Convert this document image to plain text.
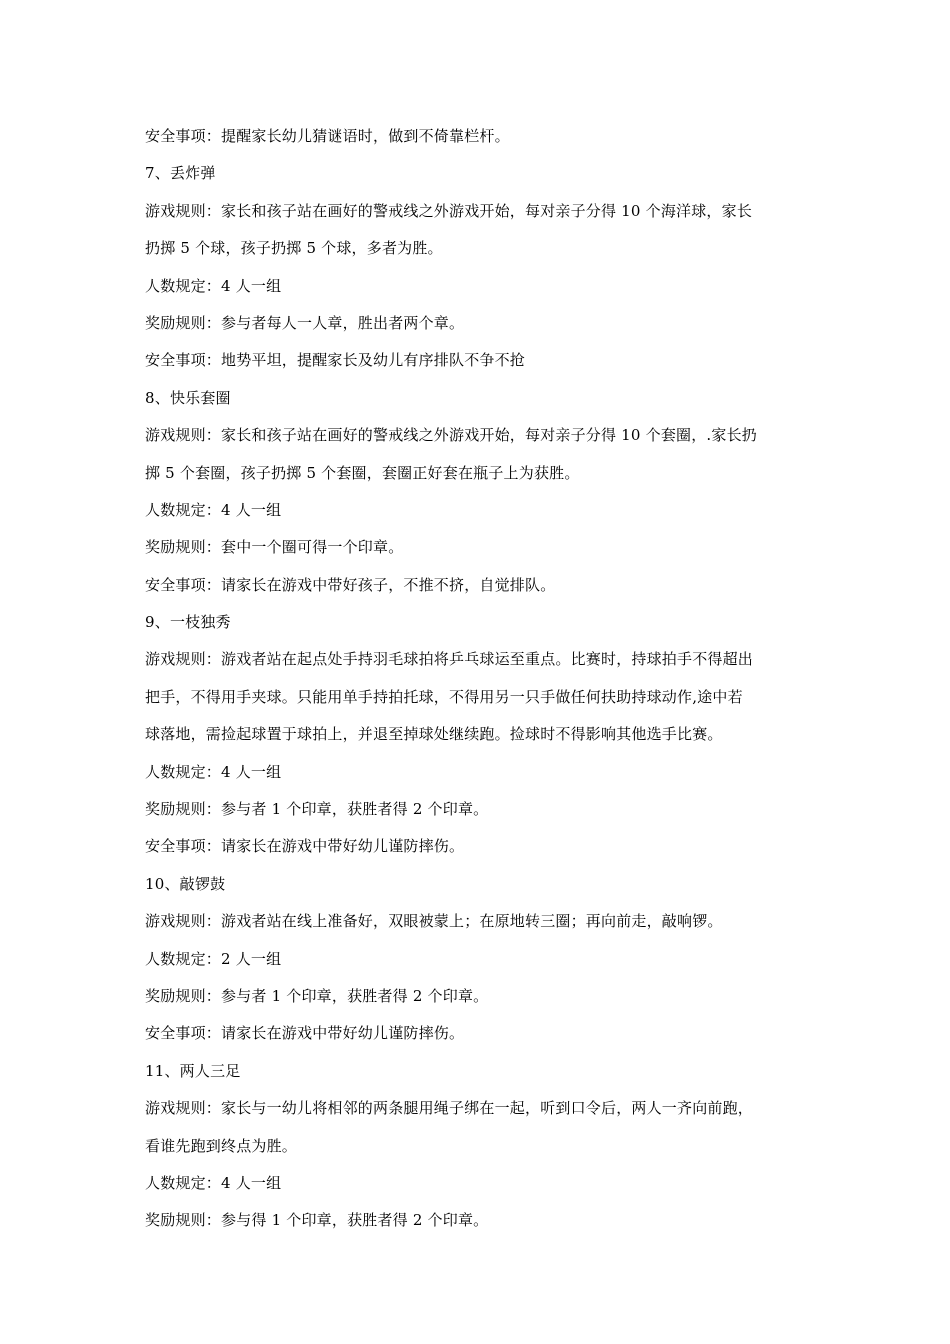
安全事项：提醒家长幼儿猜谜语时，做到不倚靠栏杆。
7、丢炸弹
游戏规则：家长和孩子站在画好的警戒线之外游戏开始，每对亲子分得 10 个海洋球，家长
扔掷 5 个球，孩子扔掷 5 个球，多者为胜。
人数规定：4 人一组
奖励规则：参与者每人一人章，胜出者两个章。
安全事项：地势平坦，提醒家长及幼儿有序排队不争不抢
8、快乐套圈
游戏规则：家长和孩子站在画好的警戒线之外游戏开始，每对亲子分得 10 个套圈，.家长扔
掷 5 个套圈，孩子扔掷 5 个套圈，套圈正好套在瓶子上为获胜。
人数规定：4 人一组
奖励规则：套中一个圈可得一个印章。
安全事项：请家长在游戏中带好孩子，不推不挤，自觉排队。
9、一枝独秀
游戏规则：游戏者站在起点处手持羽毛球拍将乒乓球运至重点。比赛时，持球拍手不得超出
把手，不得用手夹球。只能用单手持拍托球，不得用另一只手做任何扶助持球动作,途中若
球落地，需捡起球置于球拍上，并退至掉球处继续跑。捡球时不得影响其他选手比赛。
人数规定：4 人一组
奖励规则：参与者 1 个印章，获胜者得 2 个印章。
安全事项：请家长在游戏中带好幼儿谨防摔伤。
10、敲锣鼓
游戏规则：游戏者站在线上准备好，双眼被蒙上；在原地转三圈；再向前走，敲响锣。
人数规定：2 人一组
奖励规则：参与者 1 个印章，获胜者得 2 个印章。
安全事项：请家长在游戏中带好幼儿谨防摔伤。
11、两人三足
游戏规则：家长与一幼儿将相邻的两条腿用绳子绑在一起，听到口令后，两人一齐向前跑，
看谁先跑到终点为胜。
人数规定：4 人一组
奖励规则：参与得 1 个印章，获胜者得 2 个印章。
